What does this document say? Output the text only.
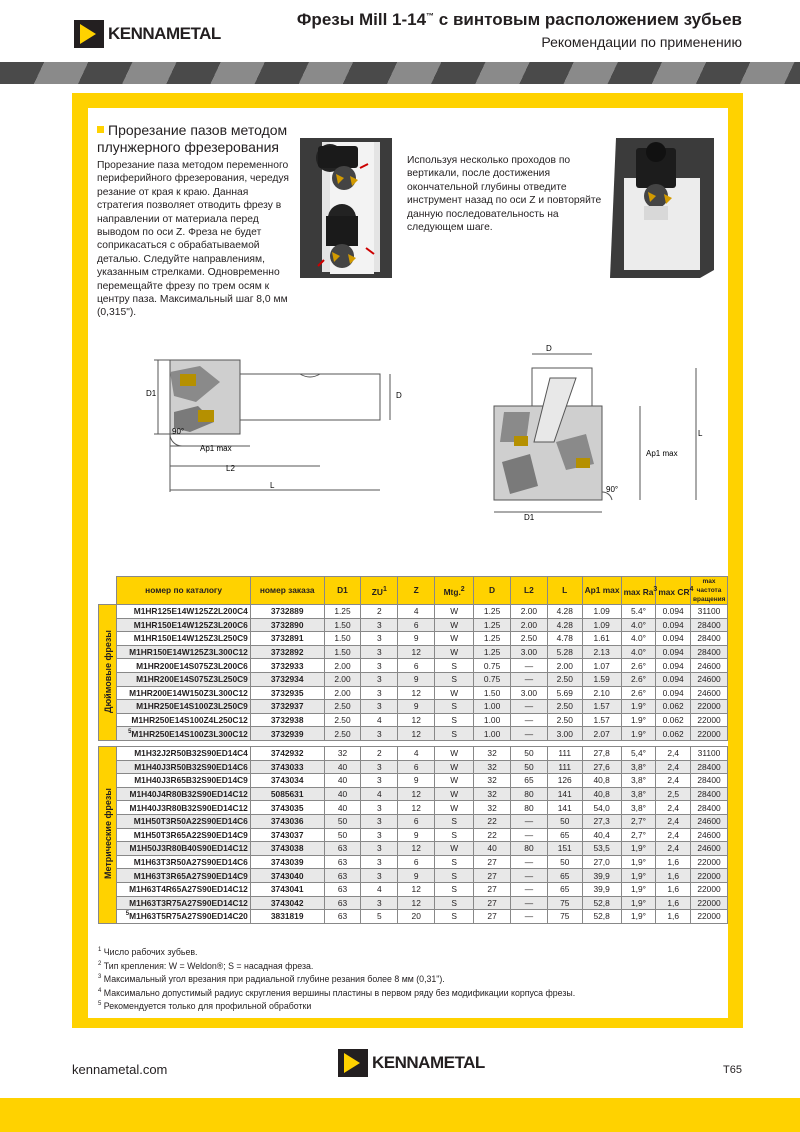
KENNAMETAL
Фрезы Mill 1-14™ с винтовым расположением зубьев
Рекомендации по применению
Прорезание пазов методом плунжерного фрезерования
Прорезание паза методом переменного периферийного фрезерования, чередуя резание от края к краю. Данная стратегия позволяет отводить фрезу в направлении от материала перед выводом по оси Z. Фреза не будет соприкасаться с обрабатываемой деталью. Следуйте направлениям, указанным стрелками. Одновременно перемещайте фрезу по трем осям к центру паза. Максимальный шаг 8,0 мм (0,315").
Используя несколько проходов по вертикали, после достижения окончательной глубины отведите инструмент назад по оси Z и повторяйте данную последовательность на следующем шаге.
D1	D
90°
Ap1 max
L2
L
D
D1
Ap1 max
L
90°
	номер по каталогу	номер заказа	D1	$ZU^1$	Z	Mtg.$^2$	D	L2	L	Ap1 max	max Ra$^3$	$\max CR^4$	max частота вращения
Дюймовые фрезы	M1HR125E14W125Z2L200C4	3732889	1.25	2	4	W	1.25	2.00	4.28	1.09	5.4°	0.094	31100
	M1HR150E14W125Z3L200C6	3732890	1.50	3	6	W	1.25	2.00	4.28	1.09	4.0°	0.094	28400
	M1HR150E14W125Z3L250C9	3732891	1.50	3	9	W	1.25	2.50	4.78	1.61	4.0°	0.094	28400
	M1HR150E14W125Z3L300C12	3732892	1.50	3	12	W	1.25	3.00	5.28	2.13	4.0°	0.094	28400
	M1HR200E14S075Z3L200C6	3732933	2.00	3	6	S	0.75	—	2.00	1.07	2.6°	0.094	24600
	M1HR200E14S075Z3L250C9	3732934	2.00	3	9	S	0.75	—	2.50	1.59	2.6°	0.094	24600
	M1HR200E14W150Z3L300C12	3732935	2.00	3	12	W	1.50	3.00	5.69	2.10	2.6°	0.094	24600
	M1HR250E14S100Z3L250C9	3732937	2.50	3	9	S	1.00	—	2.50	1.57	1.9°	0.062	22000
	M1HR250E14S100Z4L250C12	3732938	2.50	4	12	S	1.00	—	2.50	1.57	1.9°	0.062	22000
	$^5$M1HR250E14S100Z3L300C12	3732939	2.50	3	12	S	1.00	—	3.00	2.07	1.9°	0.062	22000
Метрические фрезы	M1H32J2R50B32S90ED14C4	3742932	32	2	4	W	32	50	111	27,8	5,4°	2,4	31100
	M1H40J3R50B32S90ED14C6	3743033	40	3	6	W	32	50	111	27,6	3,8°	2,4	28400
	M1H40J3R65B32S90ED14C9	3743034	40	3	9	W	32	65	126	40,8	3,8°	2,4	28400
	M1H40J4R80B32S90ED14C12	5085631	40	4	12	W	32	80	141	40,8	3,8°	2,5	28400
	M1H40J3R80B32S90ED14C12	3743035	40	3	12	W	32	80	141	54,0	3,8°	2,4	28400
	M1H50T3R50A22S90ED14C6	3743036	50	3	6	S	22	—	50	27,3	2,7°	2,4	24600
	M1H50T3R65A22S90ED14C9	3743037	50	3	9	S	22	—	65	40,4	2,7°	2,4	24600
	M1H50J3R80B40S90ED14C12	3743038	63	3	12	W	40	80	151	53,5	1,9°	2,4	24600
	M1H63T3R50A27S90ED14C6	3743039	63	3	6	S	27	—	50	27,0	1,9°	1,6	22000
	M1H63T3R65A27S90ED14C9	3743040	63	3	9	S	27	—	65	39,9	1,9°	1,6	22000
	M1H63T4R65A27S90ED14C12	3743041	63	4	12	S	27	—	65	39,9	1,9°	1,6	22000
	M1H63T3R75A27S90ED14C12	3743042	63	3	12	S	27	—	75	52,8	1,9°	1,6	22000
	$^5$M1H63T5R75A27S90ED14C20	3831819	63	5	20	S	27	—	75	52,8	1,9°	1,6	22000
$^1$ Число рабочих зубьев.
$^2$ Тип крепления: W = Weldon®; S = насадная фреза.
$^3$ Максимальный угол врезания при радиальной глубине резания более 8 мм (0,31").
$^4$ Максимально допустимый радиус скругления вершины пластины в первом ряду без модификации корпуса фрезы.
$^5$ Рекомендуется только для профильной обработки
kennametal.com	KENNAMETAL	T65
